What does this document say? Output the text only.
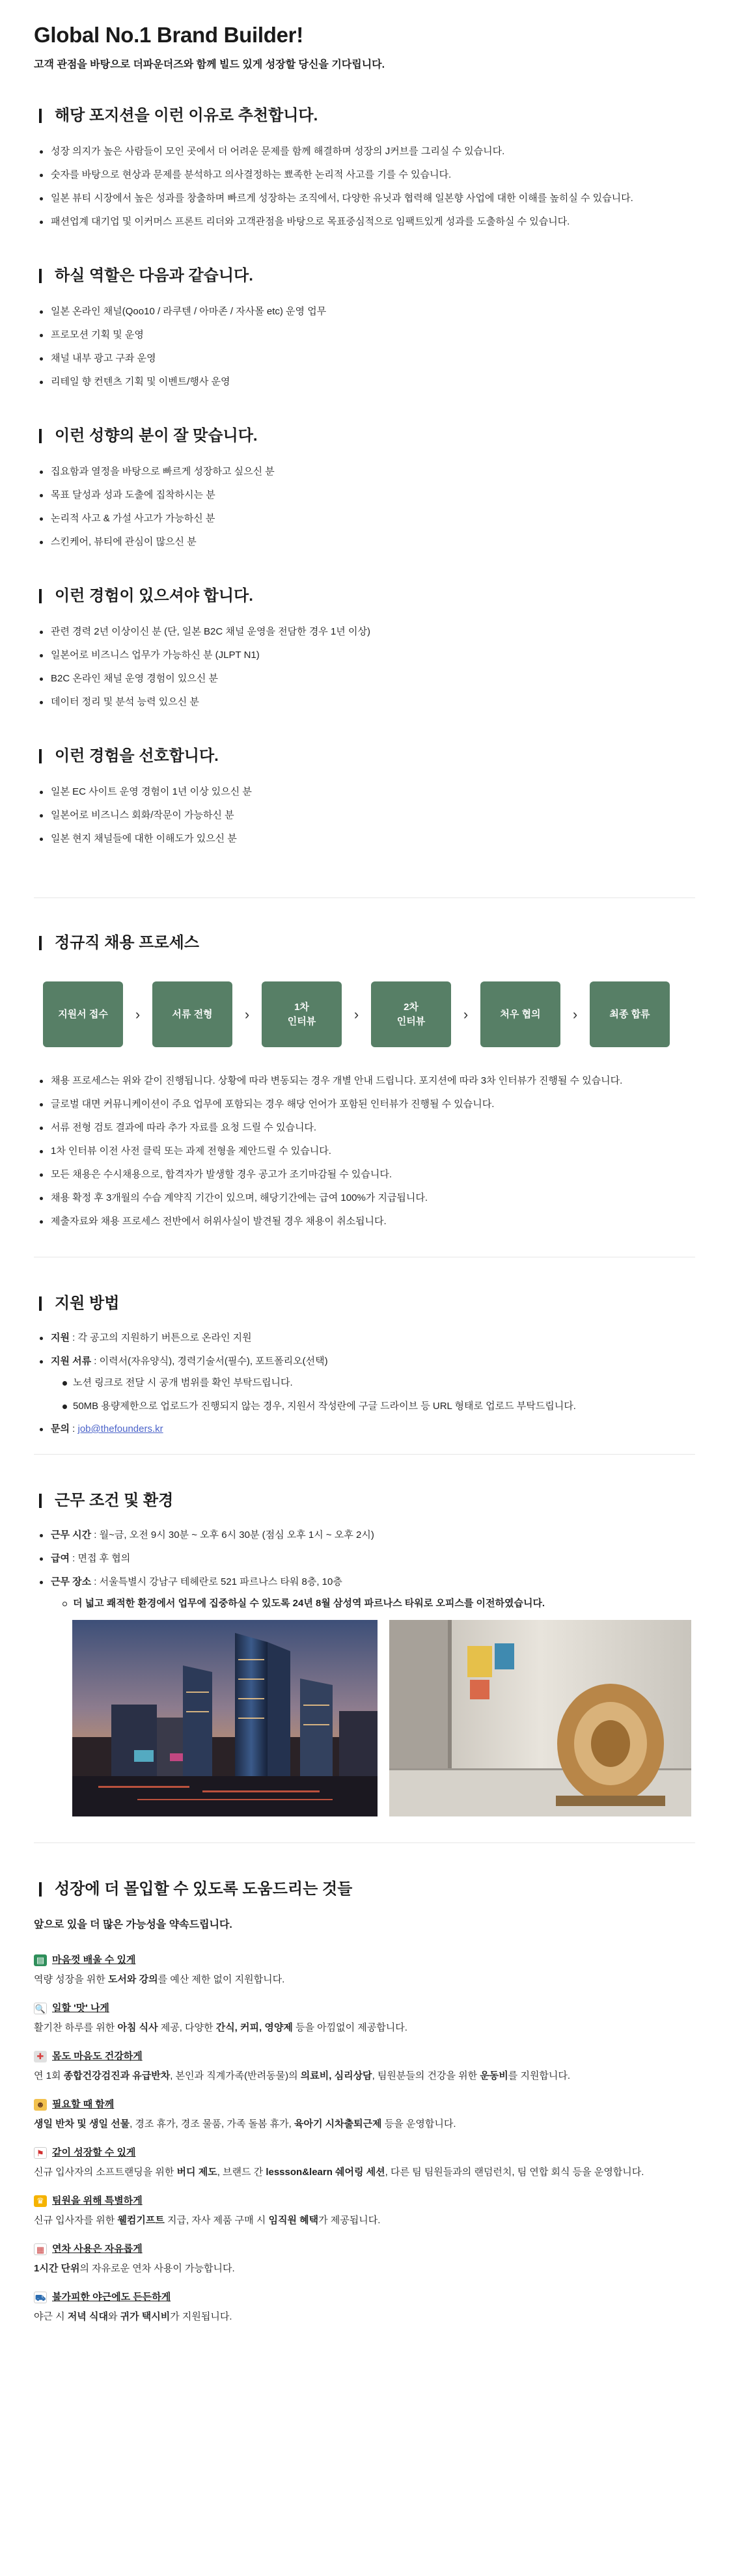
Global No.1 Brand Builder!

고객 관점을 바탕으로 더파운더즈와 함께 빌드 있게 성장할 당신을 기다립니다.

해당 포지션을 이런 이유로 추천합니다.
성장 의지가 높은 사람들이 모인 곳에서 더 어려운 문제를 함께 해결하며 성장의 J커브를 그리실 수 있습니다.
숫자를 바탕으로 현상과 문제를 분석하고 의사결정하는 뾰족한 논리적 사고를 기를 수 있습니다.
일본 뷰티 시장에서 높은 성과를 창출하며 빠르게 성장하는 조직에서, 다양한 유닛과 협력해 일본향 사업에 대한 이해를 높히실 수 있습니다.
패션업계 대기업 및 이커머스 프론트 리더와 고객관점을 바탕으로 목표중심적으로 임팩트있게 성과를 도출하실 수 있습니다.
하실 역할은 다음과 같습니다.
일본 온라인 채널(Qoo10 / 라쿠텐 / 아마존 / 자사몰 etc) 운영 업무
프로모션 기획 및 운영
채널 내부 광고 구좌 운영
리테일 향 컨텐츠 기획 및 이벤트/행사 운영
이런 성향의 분이 잘 맞습니다.
집요함과 열정을 바탕으로 빠르게 성장하고 싶으신 분
목표 달성과 성과 도출에 집착하시는 분
논리적 사고 & 가설 사고가 가능하신 분
스킨케어, 뷰티에 관심이 많으신 분
이런 경험이 있으셔야 합니다.
관련 경력 2년 이상이신 분 (단, 일본 B2C 채널 운영을 전담한 경우 1년 이상)
일본어로 비즈니스 업무가 가능하신 분 (JLPT N1)
B2C 온라인 채널 운영 경험이 있으신 분
데이터 정리 및 분석 능력 있으신 분
이런 경험을 선호합니다.
일본 EC 사이트 운영 경험이 1년 이상 있으신 분
일본어로 비즈니스 회화/작문이 가능하신 분
일본 현지 채널들에 대한 이해도가 있으신 분
정규직 채용 프로세스
지원서 접수	›	서류 전형	›	1차
인터뷰	›	2차
인터뷰	›	처우 협의	›	최종 합류
채용 프로세스는 위와 같이 진행됩니다. 상황에 따라 변동되는 경우 개별 안내 드립니다. 포지션에 따라 3차 인터뷰가 진행될 수 있습니다.
글로벌 대면 커뮤니케이션이 주요 업무에 포함되는 경우 해당 언어가 포함된 인터뷰가 진행될 수 있습니다.
서류 전형 검토 결과에 따라 추가 자료를 요청 드릴 수 있습니다.
1차 인터뷰 이전 사전 클릭 또는 과제 전형을 제안드릴 수 있습니다.
모든 채용은 수시채용으로, 합격자가 발생할 경우 공고가 조기마감될 수 있습니다.
채용 확정 후 3개월의 수습 계약직 기간이 있으며, 해당기간에는 급여 100%가 지급됩니다.
제출자료와 채용 프로세스 전반에서 허위사실이 발견될 경우 채용이 취소됩니다.
지원 방법
지원 : 각 공고의 지원하기 버튼으로 온라인 지원
지원 서류 : 이력서(자유양식), 경력기술서(필수), 포트폴리오(선택)
노션 링크로 전달 시 공개 범위를 확인 부탁드립니다.
50MB 용량제한으로 업로드가 진행되지 않는 경우, 지원서 작성란에 구글 드라이브 등 URL 형태로 업로드 부탁드립니다.
문의 : job@thefounders.kr
근무 조건 및 환경
근무 시간 : 월~금, 오전 9시 30분 ~ 오후 6시 30분 (점심 오후 1시 ~ 오후 2시)
급여 : 면접 후 협의
근무 장소 : 서울특별시 강남구 테헤란로 521 파르나스 타워 8층, 10층
더 넓고 쾌적한 환경에서 업무에 집중하실 수 있도록 24년 8월 삼성역 파르나스 타워로 오피스를 이전하였습니다.
성장에 더 몰입할 수 있도록 도움드리는 것들

앞으로 있을 더 많은 가능성을 약속드립니다.

▤ 마음껏 배울 수 있게

역량 성장을 위한 도서와 강의를 예산 제한 없이 지원합니다.

🔍 일할 '맛' 나게

활기찬 하루를 위한 아침 식사 제공, 다양한 간식, 커피, 영양제 등을 아낌없이 제공합니다.

✚ 몸도 마음도 건강하게

연 1회 종합건강검진과 유급반차, 본인과 직계가족(반려동물)의 의료비, 심리상담, 팀원분들의 건강을 위한 운동비를 지원합니다.

☻ 필요할 때 함께

생일 반차 및 생일 선물, 경조 휴가, 경조 물품, 가족 돌봄 휴가, 육아기 시차출퇴근제 등을 운영합니다.

⚑ 같이 성장할 수 있게

신규 입사자의 소프트랜딩을 위한 버디 제도, 브랜드 간 lessson&learn 쉐어링 세션, 다른 팀 팀원들과의 랜덤런치, 팀 연합 회식 등을 운영합니다.

♛ 팀원을 위해 특별하게

신규 입사자를 위한 웰컴기프트 지급, 자사 제품 구매 시 임직원 혜택가 제공됩니다.

▦ 연차 사용은 자유롭게

1시간 단위의 자유로운 연차 사용이 가능합니다.

⛟ 불가피한 야근에도 든든하게

야근 시 저녁 식대와 귀가 택시비가 지원됩니다.
